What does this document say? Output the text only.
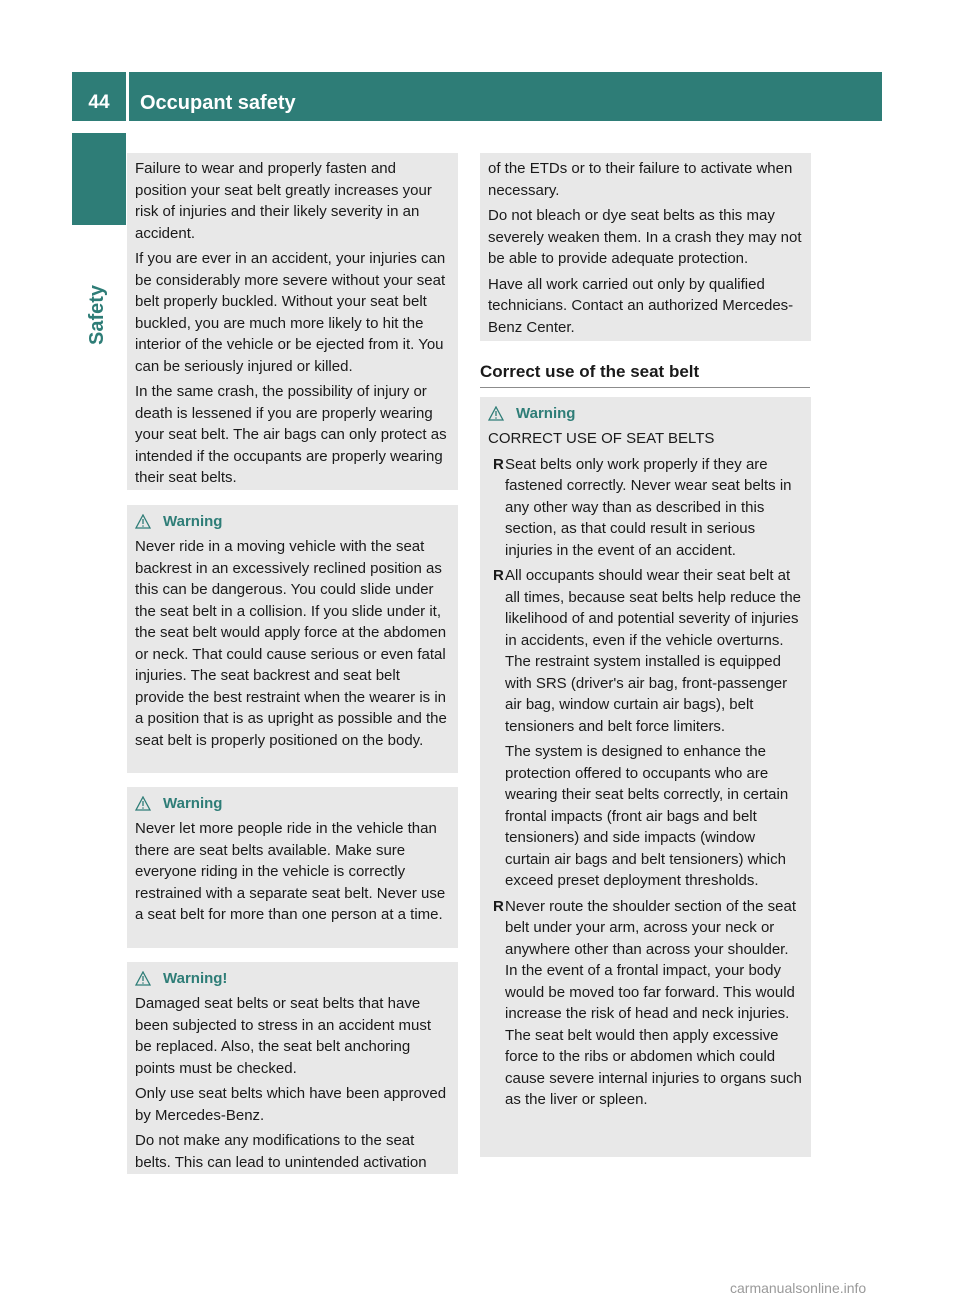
44	Occupant safety
Safety

Failure to wear and properly fasten and position your seat belt greatly increases your risk of injuries and their likely severity in an accident.

If you are ever in an accident, your injuries can be considerably more severe without your seat belt properly buckled. Without your seat belt buckled, you are much more likely to hit the interior of the vehicle or be ejected from it. You can be seriously injured or killed.

In the same crash, the possibility of injury or death is lessened if you are properly wearing your seat belt. The air bags can only protect as intended if the occupants are properly wearing their seat belts.

Warning

Never ride in a moving vehicle with the seat backrest in an excessively reclined position as this can be dangerous. You could slide under the seat belt in a collision. If you slide under it, the seat belt would apply force at the abdomen or neck. That could cause serious or even fatal injuries. The seat backrest and seat belt provide the best restraint when the wearer is in a position that is as upright as possible and the seat belt is properly positioned on the body.

Warning

Never let more people ride in the vehicle than there are seat belts available. Make sure everyone riding in the vehicle is correctly restrained with a separate seat belt. Never use a seat belt for more than one person at a time.

Warning!

Damaged seat belts or seat belts that have been subjected to stress in an accident must be replaced. Also, the seat belt anchoring points must be checked.

Only use seat belts which have been approved by Mercedes-Benz.

Do not make any modifications to the seat belts. This can lead to unintended activation

of the ETDs or to their failure to activate when necessary.

Do not bleach or dye seat belts as this may severely weaken them. In a crash they may not be able to provide adequate protection.

Have all work carried out only by qualified technicians. Contact an authorized Mercedes-Benz Center.

Correct use of the seat belt
Warning

CORRECT USE OF SEAT BELTS

R Seat belts only work properly if they are fastened correctly. Never wear seat belts in any other way than as described in this section, as that could result in serious injuries in the event of an accident.
R All occupants should wear their seat belt at all times, because seat belts help reduce the likelihood of and potential severity of injuries in accidents, even if the vehicle overturns. The restraint system installed is equipped with SRS (driver's air bag, front-passenger air bag, window curtain air bags), belt tensioners and belt force limiters.

The system is designed to enhance the protection offered to occupants who are wearing their seat belts correctly, in certain frontal impacts (front air bags and belt tensioners) and side impacts (window curtain air bags and belt tensioners) which exceed preset deployment thresholds.

R Never route the shoulder section of the seat belt under your arm, across your neck or anywhere other than across your shoulder. In the event of a frontal impact, your body would be moved too far forward. This would increase the risk of head and neck injuries. The seat belt would then apply excessive force to the ribs or abdomen which could cause severe internal injuries to organs such as the liver or spleen.
carmanualsonline.info
